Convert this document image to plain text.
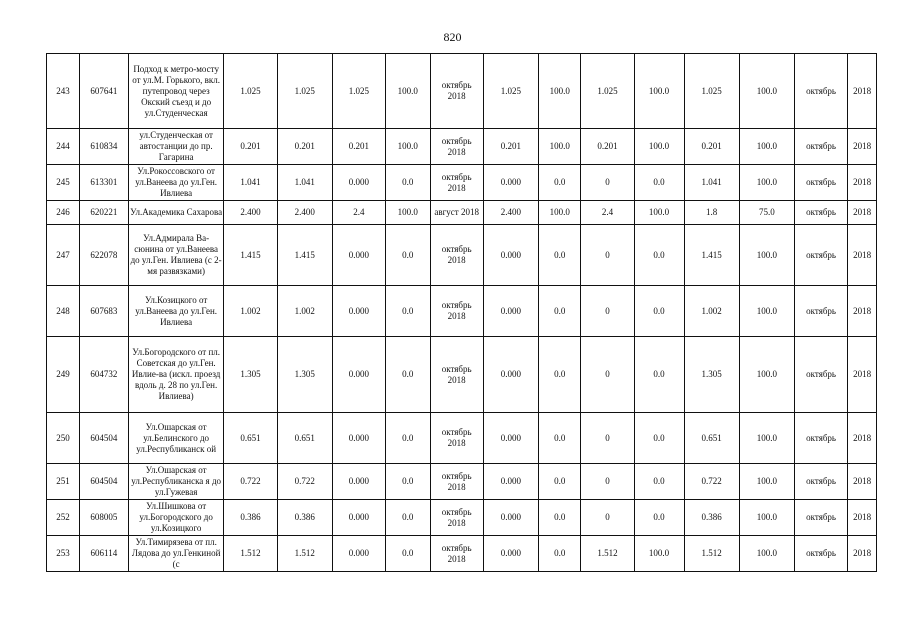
820
243	607641	Подход к метро-мосту от ул.М. Горького, вкл. путепровод через Окский съезд и до ул.Студенческая	1.025	1.025	1.025	100.0	октябрь 2018	1.025	100.0	1.025	100.0	1.025	100.0	октябрь	2018
244	610834	ул.Студенческая от автостанции до пр. Гагарина	0.201	0.201	0.201	100.0	октябрь 2018	0.201	100.0	0.201	100.0	0.201	100.0	октябрь	2018
245	613301	Ул.Рокоссовского от ул.Ванеева до ул.Ген. Ивлиева	1.041	1.041	0.000	0.0	октябрь 2018	0.000	0.0	0	0.0	1.041	100.0	октябрь	2018
246	620221	Ул.Академика Сахарова	2.400	2.400	2.4	100.0	август 2018	2.400	100.0	2.4	100.0	1.8	75.0	октябрь	2018
247	622078	Ул.Адмирала Ва-сюнина от ул.Ванеева до ул.Ген. Ивлиева (с 2-мя развязками)	1.415	1.415	0.000	0.0	октябрь 2018	0.000	0.0	0	0.0	1.415	100.0	октябрь	2018
248	607683	Ул.Козицкого от ул.Ванеева до ул.Ген. Ивлиева	1.002	1.002	0.000	0.0	октябрь 2018	0.000	0.0	0	0.0	1.002	100.0	октябрь	2018
249	604732	Ул.Богородского от пл. Советская до ул.Ген. Ивлие-ва (искл. проезд вдоль д. 28 по ул.Ген. Ивлиева)	1.305	1.305	0.000	0.0	октябрь 2018	0.000	0.0	0	0.0	1.305	100.0	октябрь	2018
250	604504	Ул.Ошарская от ул.Белинского до ул.Республиканск ой	0.651	0.651	0.000	0.0	октябрь 2018	0.000	0.0	0	0.0	0.651	100.0	октябрь	2018
251	604504	Ул.Ошарская от ул.Республиканска я до ул.Гужевая	0.722	0.722	0.000	0.0	октябрь 2018	0.000	0.0	0	0.0	0.722	100.0	октябрь	2018
252	608005	Ул.Шишкова от ул.Богородского до ул.Козицкого	0.386	0.386	0.000	0.0	октябрь 2018	0.000	0.0	0	0.0	0.386	100.0	октябрь	2018
253	606114	Ул.Тимирязева от пл. Лядова до ул.Генкиной (с	1.512	1.512	0.000	0.0	октябрь 2018	0.000	0.0	1.512	100.0	1.512	100.0	октябрь	2018
